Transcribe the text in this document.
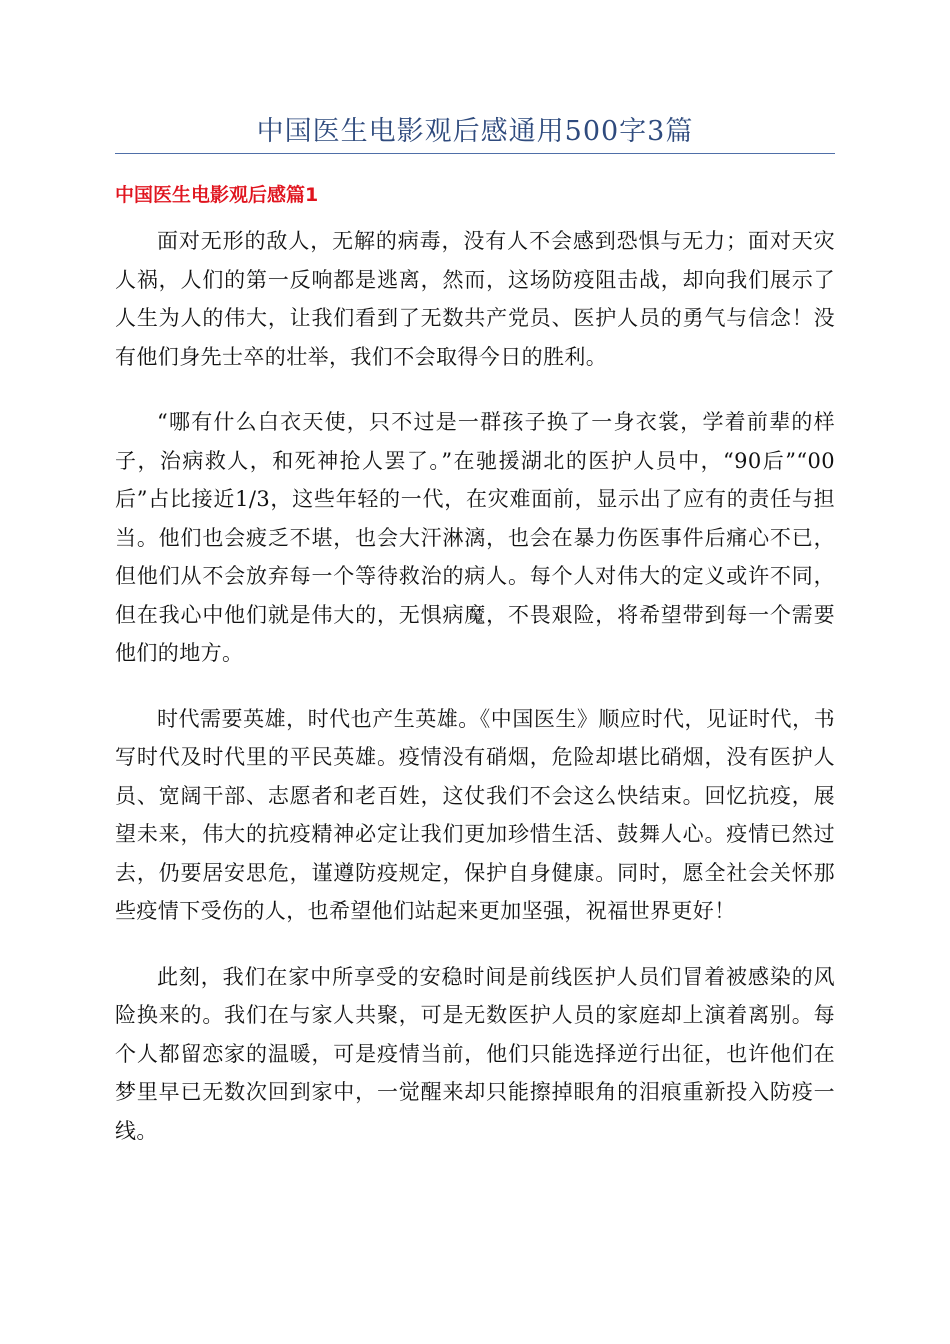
中国医生电影观后感通用500字3篇
中国医生电影观后感篇1

面对无形的敌人，无解的病毒，没有人不会感到恐惧与无力；面对天灾人祸，人们的第一反响都是逃离，然而，这场防疫阻击战，却向我们展示了人生为人的伟大，让我们看到了无数共产党员、医护人员的勇气与信念！没有他们身先士卒的壮举，我们不会取得今日的胜利。

“哪有什么白衣天使，只不过是一群孩子换了一身衣裳，学着前辈的样子，治病救人，和死神抢人罢了。”在驰援湖北的医护人员中，“90后”“00后”占比接近1/3，这些年轻的一代，在灾难面前，显示出了应有的责任与担当。他们也会疲乏不堪，也会大汗淋漓，也会在暴力伤医事件后痛心不已，但他们从不会放弃每一个等待救治的病人。每个人对伟大的定义或许不同，但在我心中他们就是伟大的，无惧病魔，不畏艰险，将希望带到每一个需要他们的地方。

时代需要英雄，时代也产生英雄。《中国医生》顺应时代，见证时代，书写时代及时代里的平民英雄。疫情没有硝烟，危险却堪比硝烟，没有医护人员、宽阔干部、志愿者和老百姓，这仗我们不会这么快结束。回忆抗疫，展望未来，伟大的抗疫精神必定让我们更加珍惜生活、鼓舞人心。疫情已然过去，仍要居安思危，谨遵防疫规定，保护自身健康。同时，愿全社会关怀那些疫情下受伤的人，也希望他们站起来更加坚强，祝福世界更好！

此刻，我们在家中所享受的安稳时间是前线医护人员们冒着被感染的风险换来的。我们在与家人共聚，可是无数医护人员的家庭却上演着离别。每个人都留恋家的温暖，可是疫情当前，他们只能选择逆行出征，也许他们在梦里早已无数次回到家中，一觉醒来却只能擦掉眼角的泪痕重新投入防疫一线。
